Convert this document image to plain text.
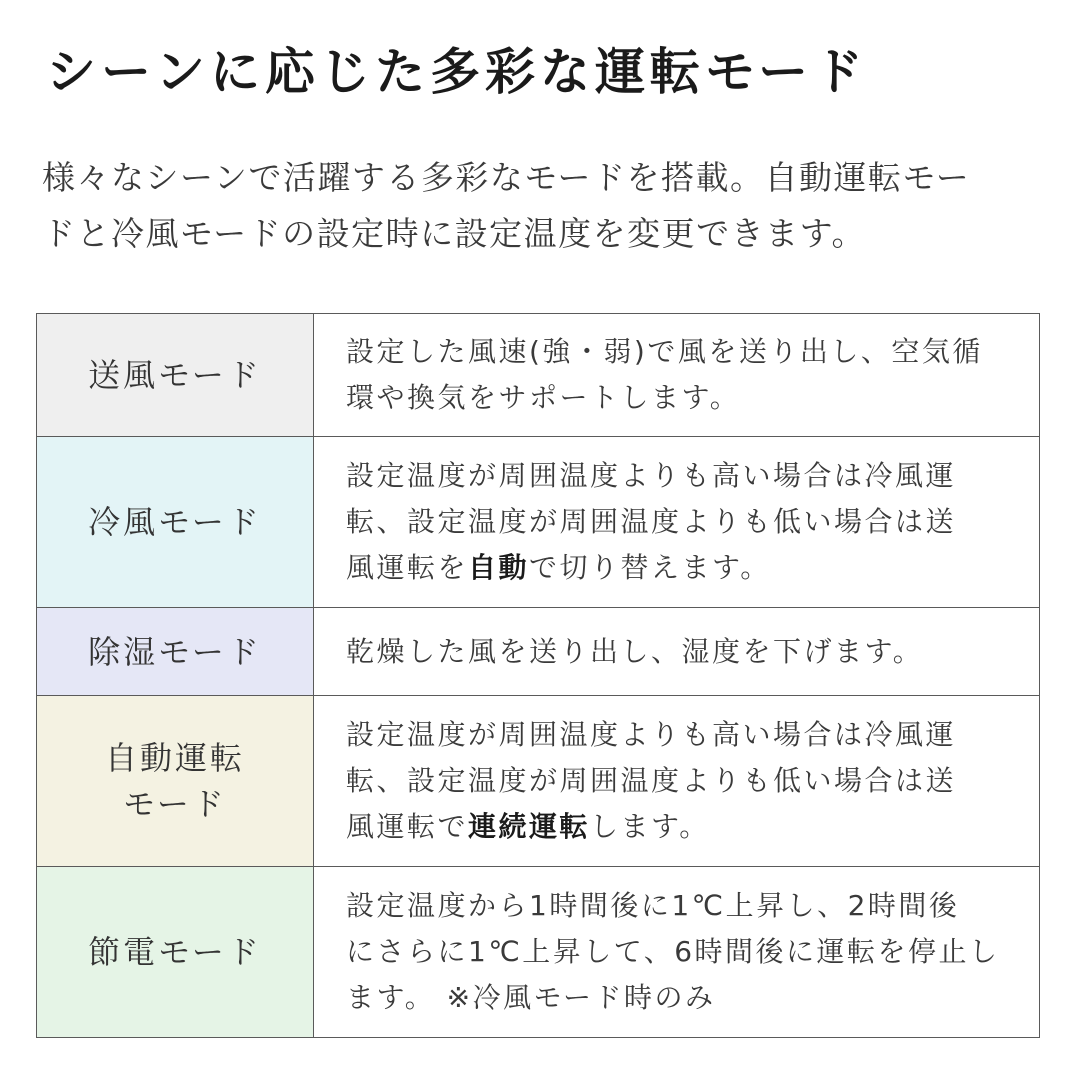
シーンに応じた多彩な運転モード

様々なシーンで活躍する多彩なモードを搭載。自動運転モー
ドと冷風モードの設定時に設定温度を変更できます。

送風モード	設定した風速(強・弱)で風を送り出し、空気循
環や換気をサポートします。

冷風モード	設定温度が周囲温度よりも高い場合は冷風運
転、設定温度が周囲温度よりも低い場合は送
風運転を自動で切り替えます。

除湿モード	乾燥した風を送り出し、湿度を下げます。

自動運転
モード	設定温度が周囲温度よりも高い場合は冷風運
転、設定温度が周囲温度よりも低い場合は送
風運転で連続運転します。

節電モード	設定温度から1時間後に1℃上昇し、2時間後
にさらに1℃上昇して、6時間後に運転を停止し
ます。 ※冷風モード時のみ
